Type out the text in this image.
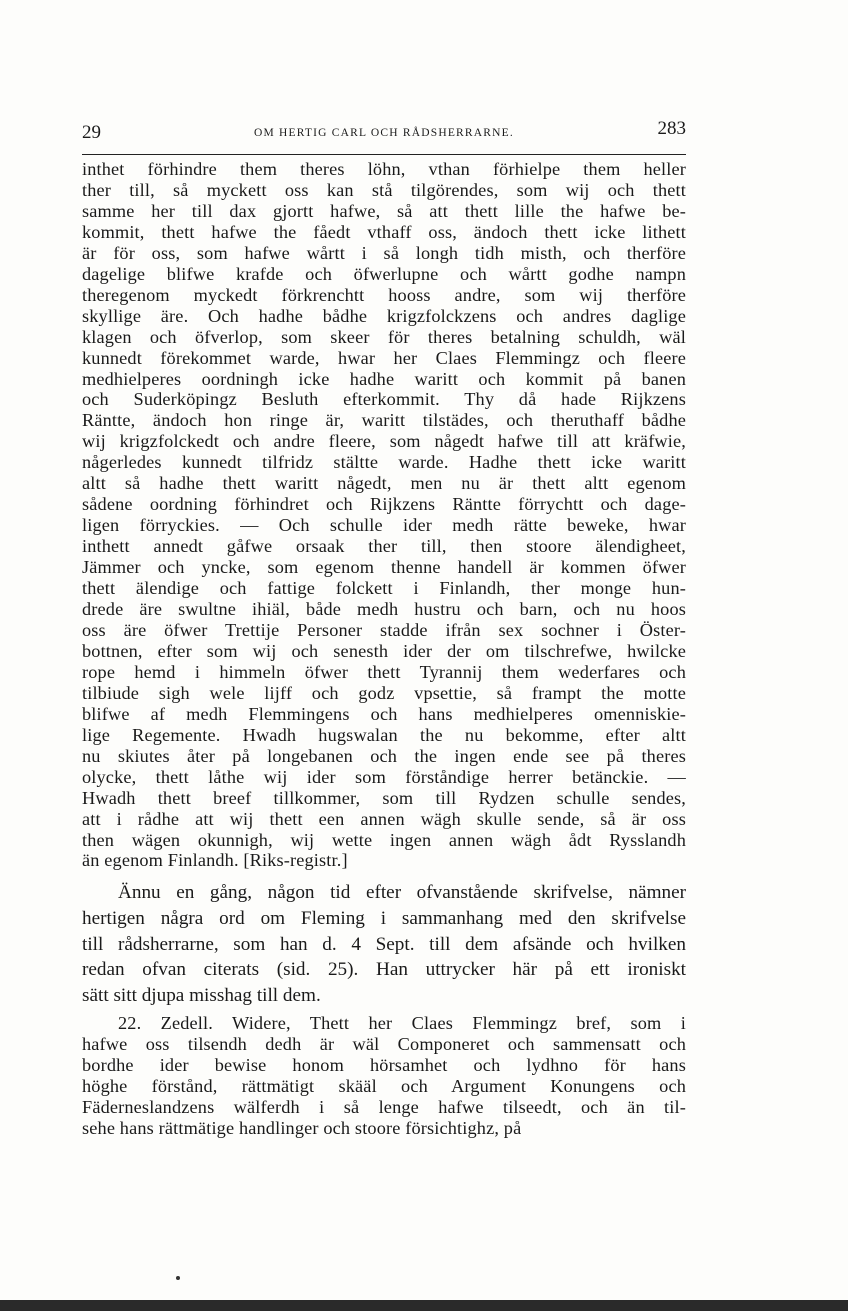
29	OM HERTIG CARL OCH RÅDSHERRARNE.	283
inthet förhindre them theres löhn, vthan förhielpe them heller
ther till, så myckett oss kan stå tilgörendes, som wij och thett
samme her till dax gjortt hafwe, så att thett lille the hafwe be-
kommit, thett hafwe the fåedt vthaff oss, ändoch thett icke lithett
är för oss, som hafwe wårtt i så longh tidh misth, och therföre
dagelige blifwe krafde och öfwerlupne och wårtt godhe nampn
theregenom myckedt förkrenchtt hooss andre, som wij therföre
skyllige äre. Och hadhe bådhe krigzfolckzens och andres daglige
klagen och öfverlop, som skeer för theres betalning schuldh, wäl
kunnedt förekommet warde, hwar her Claes Flemmingz och fleere
medhielperes oordningh icke hadhe waritt och kommit på banen
och Suderköpingz Besluth efterkommit. Thy då hade Rijkzens
Räntte, ändoch hon ringe är, waritt tilstädes, och theruthaff bådhe
wij krigzfolckedt och andre fleere, som någedt hafwe till att kräfwie,
någerledes kunnedt tilfridz stältte warde. Hadhe thett icke waritt
altt så hadhe thett waritt någedt, men nu är thett altt egenom
sådene oordning förhindret och Rijkzens Räntte förrychtt och dage-
ligen förryckies. — Och schulle ider medh rätte beweke, hwar
inthett annedt gåfwe orsaak ther till, then stoore älendigheet,
Jämmer och yncke, som egenom thenne handell är kommen öfwer
thett älendige och fattige folckett i Finlandh, ther monge hun-
drede äre swultne ihiäl, både medh hustru och barn, och nu hoos
oss äre öfwer Trettije Personer stadde ifrån sex sochner i Öster-
bottnen, efter som wij och senesth ider der om tilschrefwe, hwilcke
rope hemd i himmeln öfwer thett Tyrannij them wederfares och
tilbiude sigh wele lijff och godz vpsettie, så frampt the motte
blifwe af medh Flemmingens och hans medhielperes omenniskie-
lige Regemente. Hwadh hugswalan the nu bekomme, efter altt
nu skiutes åter på longebanen och the ingen ende see på theres
olycke, thett låthe wij ider som förståndige herrer betänckie. —
Hwadh thett breef tillkommer, som till Rydzen schulle sendes,
att i rådhe att wij thett een annen wägh skulle sende, så är oss
then wägen okunnigh, wij wette ingen annen wägh ådt Rysslandh
än egenom Finlandh. [Riks-registr.]
Ännu en gång, någon tid efter ofvanstående skrifvelse, nämner
hertigen några ord om Fleming i sammanhang med den skrifvelse
till rådsherrarne, som han d. 4 Sept. till dem afsände och hvilken
redan ofvan citerats (sid. 25). Han uttrycker här på ett ironiskt
sätt sitt djupa misshag till dem.
22. Zedell. Widere, Thett her Claes Flemmingz bref, som i
hafwe oss tilsendh dedh är wäl Componeret och sammensatt och
bordhe ider bewise honom hörsamhet och lydhno för hans
höghe förstånd, rättmätigt skääl och Argument Konungens och
Fäderneslandzens wälferdh i så lenge hafwe tilseedt, och än til-
sehe hans rättmätige handlinger och stoore försichtighz, på
